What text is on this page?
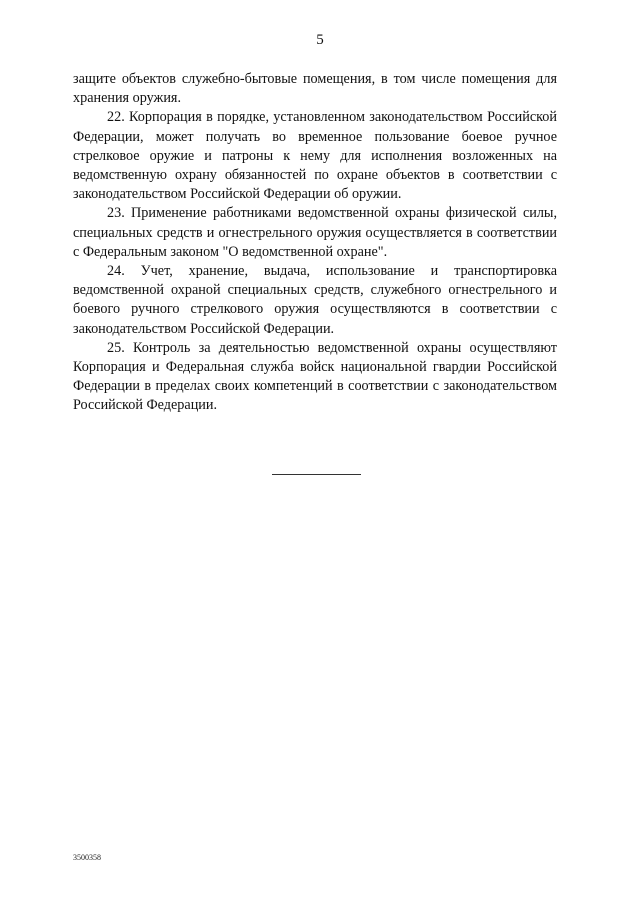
5

защите объектов служебно-бытовые помещения, в том числе помещения для хранения оружия.

22. Корпорация в порядке, установленном законодательством Российской Федерации, может получать во временное пользование боевое ручное стрелковое оружие и патроны к нему для исполнения возложенных на ведомственную охрану обязанностей по охране объектов в соответствии с законодательством Российской Федерации об оружии.

23. Применение работниками ведомственной охраны физической силы, специальных средств и огнестрельного оружия осуществляется в соответствии с Федеральным законом "О ведомственной охране".

24. Учет, хранение, выдача, использование и транспортировка ведомственной охраной специальных средств, служебного огнестрельного и боевого ручного стрелкового оружия осуществляются в соответствии с законодательством Российской Федерации.

25. Контроль за деятельностью ведомственной охраны осуществляют Корпорация и Федеральная служба войск национальной гвардии Российской Федерации в пределах своих компетенций в соответствии с законодательством Российской Федерации.

3500358
